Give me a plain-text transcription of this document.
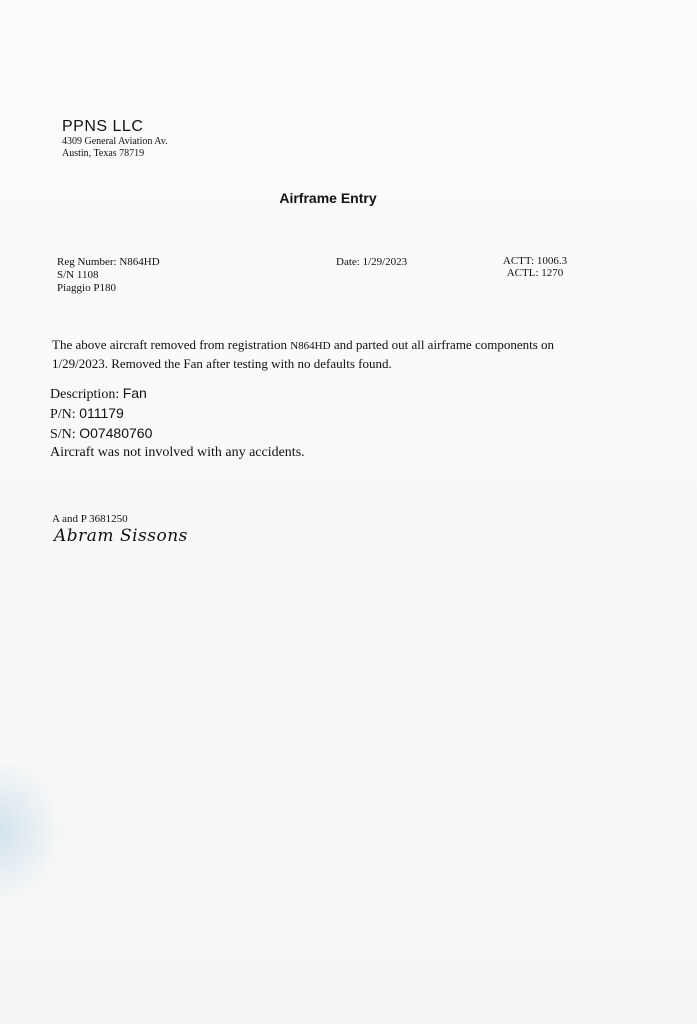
PPNS LLC
4309 General Aviation Av.
Austin, Texas 78719
Airframe Entry
Reg Number: N864HD
S/N 1108
Piaggio P180
Date: 1/29/2023	ACTT: 1006.3
ACTL: 1270
The above aircraft removed from registration N864HD and parted out all airframe components on 1/29/2023. Removed the Fan after testing with no defaults found.
Description: Fan
P/N: 011179
S/N: O07480760
Aircraft was not involved with any accidents.
A and P 3681250
Abram Sissons
